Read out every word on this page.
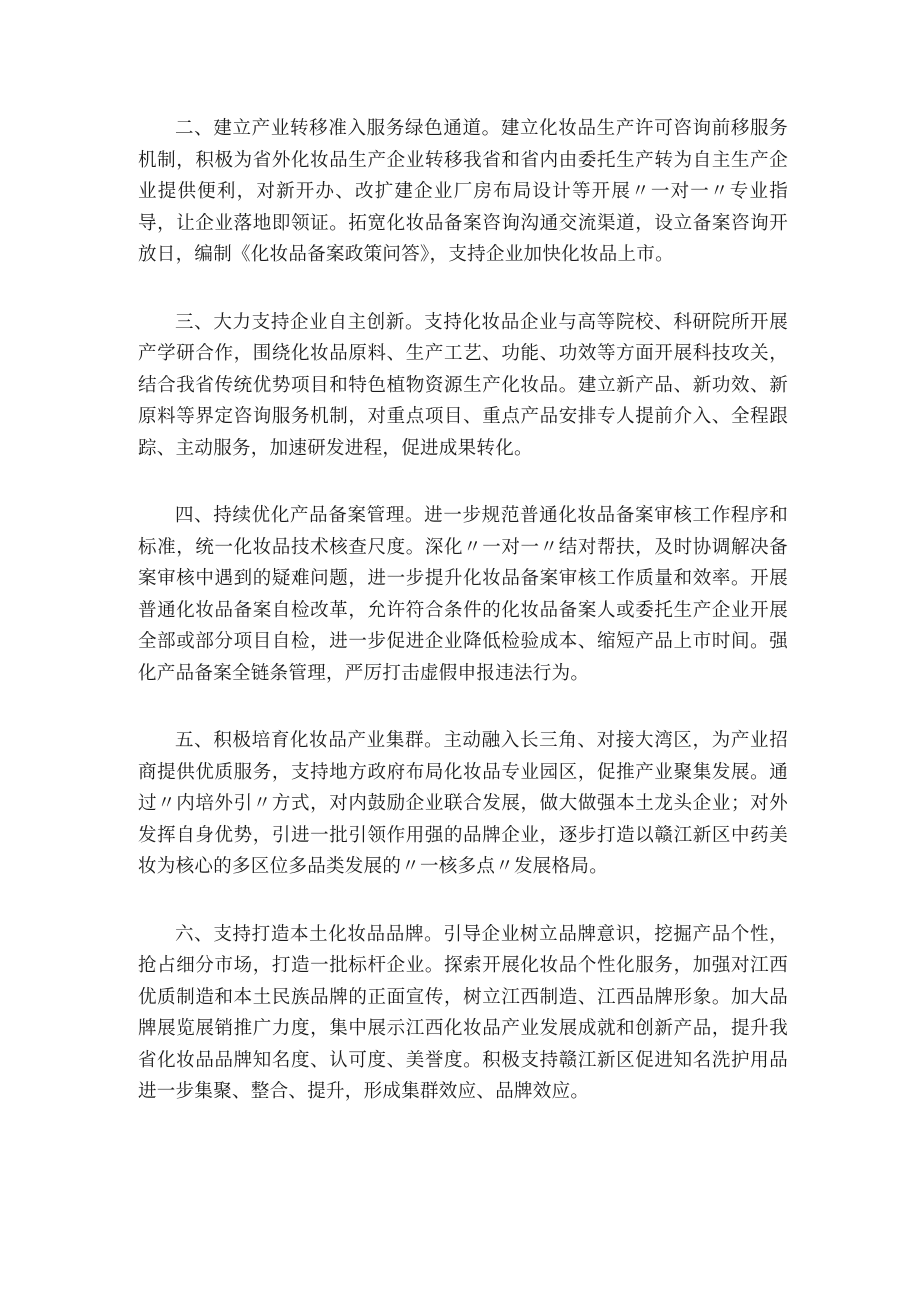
二、建立产业转移准入服务绿色通道。建立化妆品生产许可咨询前移服务机制，积极为省外化妆品生产企业转移我省和省内由委托生产转为自主生产企业提供便利，对新开办、改扩建企业厂房布局设计等开展〃一对一〃专业指导，让企业落地即领证。拓宽化妆品备案咨询沟通交流渠道，设立备案咨询开放日，编制《化妆品备案政策问答》，支持企业加快化妆品上市。

三、大力支持企业自主创新。支持化妆品企业与高等院校、科研院所开展产学研合作，围绕化妆品原料、生产工艺、功能、功效等方面开展科技攻关，结合我省传统优势项目和特色植物资源生产化妆品。建立新产品、新功效、新原料等界定咨询服务机制，对重点项目、重点产品安排专人提前介入、全程跟踪、主动服务，加速研发进程，促进成果转化。

四、持续优化产品备案管理。进一步规范普通化妆品备案审核工作程序和标准，统一化妆品技术核查尺度。深化〃一对一〃结对帮扶，及时协调解决备案审核中遇到的疑难问题，进一步提升化妆品备案审核工作质量和效率。开展普通化妆品备案自检改革，允许符合条件的化妆品备案人或委托生产企业开展全部或部分项目自检，进一步促进企业降低检验成本、缩短产品上市时间。强化产品备案全链条管理，严厉打击虚假申报违法行为。

五、积极培育化妆品产业集群。主动融入长三角、对接大湾区，为产业招商提供优质服务，支持地方政府布局化妆品专业园区，促推产业聚集发展。通过〃内培外引〃方式，对内鼓励企业联合发展，做大做强本土龙头企业；对外发挥自身优势，引进一批引领作用强的品牌企业，逐步打造以赣江新区中药美妆为核心的多区位多品类发展的〃一核多点〃发展格局。

六、支持打造本土化妆品品牌。引导企业树立品牌意识，挖掘产品个性，抢占细分市场，打造一批标杆企业。探索开展化妆品个性化服务，加强对江西优质制造和本土民族品牌的正面宣传，树立江西制造、江西品牌形象。加大品牌展览展销推广力度，集中展示江西化妆品产业发展成就和创新产品，提升我省化妆品品牌知名度、认可度、美誉度。积极支持赣江新区促进知名洗护用品进一步集聚、整合、提升，形成集群效应、品牌效应。
